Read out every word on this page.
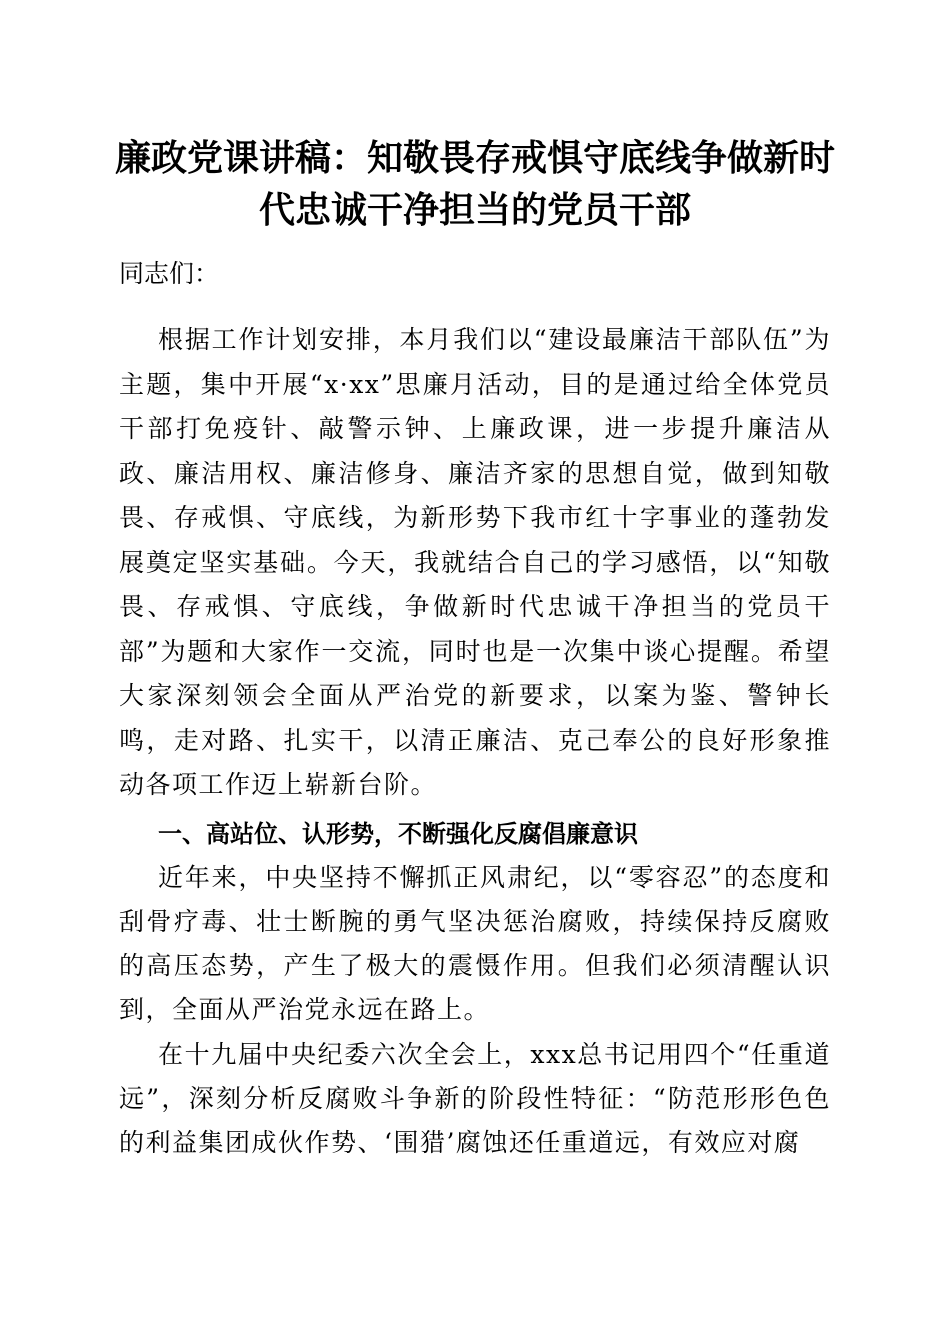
廉政党课讲稿：知敬畏存戒惧守底线争做新时
代忠诚干净担当的党员干部
同志们：

根据工作计划安排，本月我们以“建设最廉洁干部队伍”为主题，集中开展“x·xx”思廉月活动，目的是通过给全体党员干部打免疫针、敲警示钟、上廉政课，进一步提升廉洁从政、廉洁用权、廉洁修身、廉洁齐家的思想自觉，做到知敬畏、存戒惧、守底线，为新形势下我市红十字事业的蓬勃发展奠定坚实基础。今天，我就结合自己的学习感悟，以“知敬畏、存戒惧、守底线，争做新时代忠诚干净担当的党员干部”为题和大家作一交流，同时也是一次集中谈心提醒。希望大家深刻领会全面从严治党的新要求，以案为鉴、警钟长鸣，走对路、扎实干，以清正廉洁、克己奉公的良好形象推动各项工作迈上崭新台阶。

一、高站位、认形势，不断强化反腐倡廉意识

近年来，中央坚持不懈抓正风肃纪，以“零容忍”的态度和刮骨疗毒、壮士断腕的勇气坚决惩治腐败，持续保持反腐败的高压态势，产生了极大的震慑作用。但我们必须清醒认识到，全面从严治党永远在路上。

在十九届中央纪委六次全会上，xxx总书记用四个“任重道远”，深刻分析反腐败斗争新的阶段性特征：“防范形形色色的利益集团成伙作势、‘围猎’腐蚀还任重道远，有效应对腐
